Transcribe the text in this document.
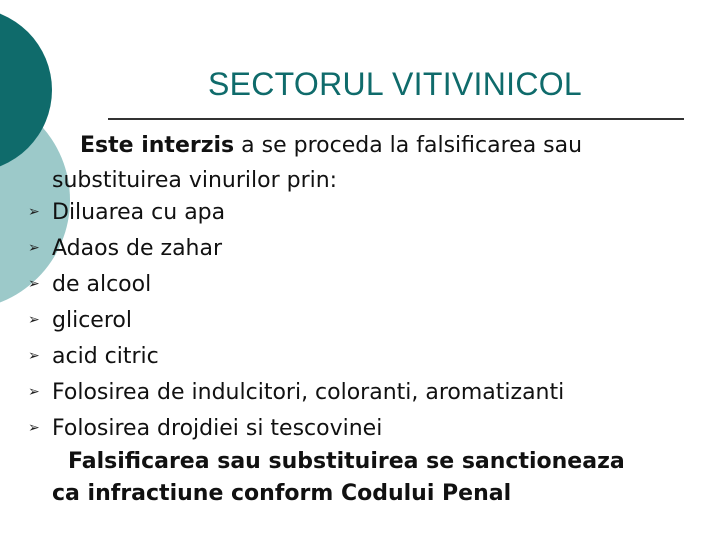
SECTORUL VITIVINICOL
Este interzis a se proceda la falsificarea sau
substituirea vinurilor prin:
➢ Diluarea cu apa
➢ Adaos de zahar
➢ de alcool
➢ glicerol
➢ acid citric
➢ Folosirea de indulcitori, coloranti, aromatizanti
➢ Folosirea drojdiei si tescovinei
Falsificarea sau substituirea se sanctioneaza
ca infractiune conform Codului Penal
